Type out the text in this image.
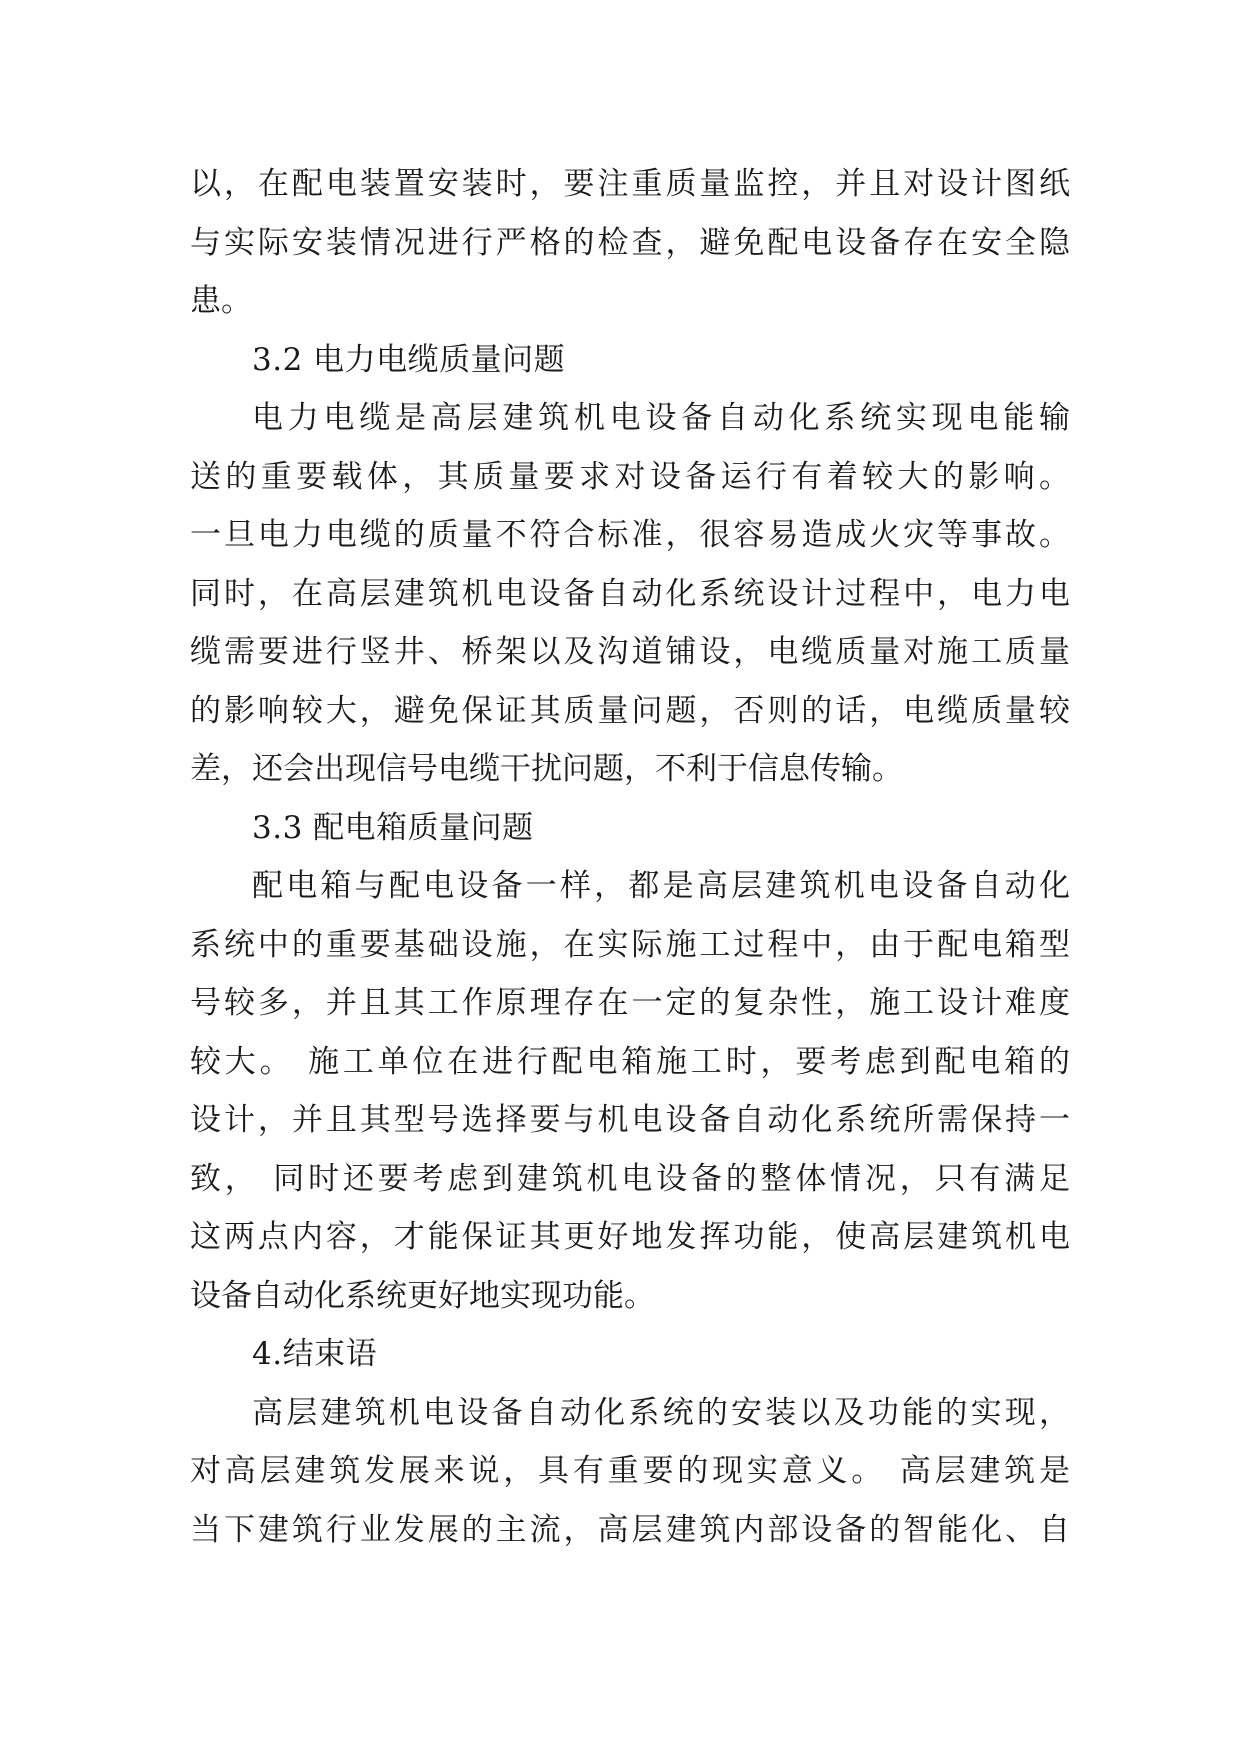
以，在配电装置安装时，要注重质量监控，并且对设计图纸
与实际安装情况进行严格的检查，避免配电设备存在安全隐
患。
3.2 电力电缆质量问题
电力电缆是高层建筑机电设备自动化系统实现电能输
送的重要载体，其质量要求对设备运行有着较大的影响。
一旦电力电缆的质量不符合标准，很容易造成火灾等事故。
同时，在高层建筑机电设备自动化系统设计过程中，电力电
缆需要进行竖井、桥架以及沟道铺设，电缆质量对施工质量
的影响较大，避免保证其质量问题，否则的话，电缆质量较
差，还会出现信号电缆干扰问题，不利于信息传输。
3.3 配电箱质量问题
配电箱与配电设备一样，都是高层建筑机电设备自动化
系统中的重要基础设施，在实际施工过程中，由于配电箱型
号较多，并且其工作原理存在一定的复杂性，施工设计难度
较大。 施工单位在进行配电箱施工时，要考虑到配电箱的
设计，并且其型号选择要与机电设备自动化系统所需保持一
致， 同时还要考虑到建筑机电设备的整体情况，只有满足
这两点内容，才能保证其更好地发挥功能，使高层建筑机电
设备自动化系统更好地实现功能。
4.结束语
高层建筑机电设备自动化系统的安装以及功能的实现，
对高层建筑发展来说，具有重要的现实意义。 高层建筑是
当下建筑行业发展的主流，高层建筑内部设备的智能化、自
